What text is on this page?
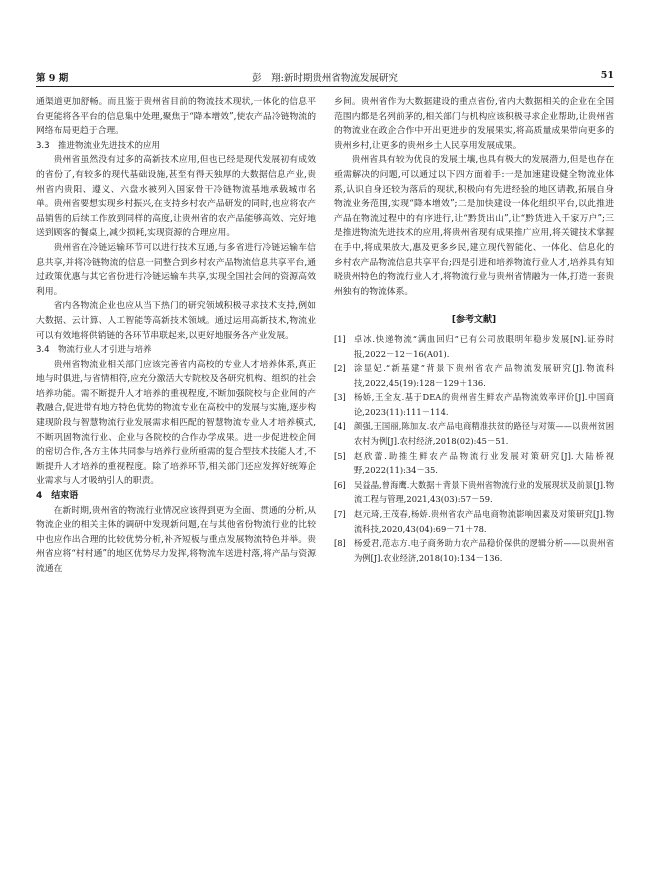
第 9 期	彭　翔:新时期贵州省物流发展研究	51
通渠道更加舒畅。而且鉴于贵州省目前的物流技术现状,一体化的信息平台更能将各平台的信息集中处理,聚焦于“降本增效”,使农产品冷链物流的网络布局更趋于合理。
3.3　推进物流业先进技术的应用
贵州省虽然没有过多的高新技术应用,但也已经是现代发展初有成效的省份了,有较多的现代基础设施,甚至有得天独厚的大数据信息产业,贵州省内贵阳、遵义、六盘水被列入国家骨干冷链物流基地承载城市名单。贵州省要想实现乡村振兴,在支持乡村农产品研发的同时,也应将农产品销售的后续工作放到同样的高度,让贵州省的农产品能够高效、完好地送到顾客的餐桌上,减少损耗,实现资源的合理应用。
贵州省在冷链运输环节可以进行技术互通,与多省进行冷链运输车信息共享,并将冷链物流的信息一同整合到乡村农产品物流信息共享平台,通过政策优惠与其它省份进行冷链运输车共享,实现全国社会间的资源高效利用。
省内各物流企业也应从当下热门的研究领域积极寻求技术支持,例如大数据、云计算、人工智能等高新技术领域。通过运用高新技术,物流业可以有效地将供销链的各环节串联起来,以更好地服务各产业发展。
3.4　物流行业人才引进与培养
贵州省物流业相关部门应该完善省内高校的专业人才培养体系,真正地与时俱进,与省情相符,应充分激活大专院校及各研究机构、组织的社会培养功能。需不断提升人才培养的重视程度,不断加强院校与企业间的产教融合,促进带有地方特色优势的物流专业在高校中的发展与实施,逐步构建现阶段与智慧物流行业发展需求相匹配的智慧物流专业人才培养模式,不断巩固物流行业、企业与各院校的合作办学成果。进一步促进校企间的密切合作,各方主体共同参与培养行业所亟需的复合型技术技能人才,不断提升人才培养的重视程度。除了培养环节,相关部门还应发挥好统筹企业需求与人才吸纳引人的职责。
4　结束语
在新时期,贵州省的物流行业情况应该得到更为全面、贯通的分析,从物流企业的相关主体的调研中发现新问题,在与其他省份物流行业的比较中也应作出合理的比较优势分析,补齐短板与重点发展物流特色并举。贵州省应将“村村通”的地区优势尽力发挥,将物流车送进村落,将产品与资源流通在
乡间。贵州省作为大数据建设的重点省份,省内大数据相关的企业在全国范围内都是名列前茅的,相关部门与机构应该积极寻求企业帮助,让贵州省的物流业在政企合作中开出更进步的发展果实,将高质量成果带向更多的贵州乡村,让更多的贵州乡土人民享用发展成果。
贵州省具有较为优良的发展土壤,也具有极大的发展潜力,但是也存在亟需解决的问题,可以通过以下四方面着手:一是加速建设健全物流业体系,认识自身还较为落后的现状,积极向有先进经验的地区请教,拓展自身物流业务范围,实现“降本增效”;二是加快建设一体化组织平台,以此推进产品在物流过程中的有序进行,让“黔货出山”,让“黔货进入千家万户”;三是推进物流先进技术的应用,将贵州省现有成果推广应用,将关键技术掌握在手中,将成果放大,惠及更多乡民,建立现代智能化、一体化、信息化的乡村农产品物流信息共享平台;四是引进和培养物流行业人才,培养具有知晓贵州特色的物流行业人才,将物流行业与贵州省情融为一体,打造一套贵州独有的物流体系。
[参考文献]
[1] 卓冰.快递物流“满血回归”已有公司放眼明年稳步发展[N].证券时报,2022－12－16(A01).
[2] 涂显妃.“新基建”背景下贵州省农产品物流发展研究[J].物流科技,2022,45(19):128－129＋136.
[3] 杨娇,王全友.基于DEA的贵州省生鲜农产品物流效率评价[J].中国商论,2023(11):111－114.
[4] 颜强,王国丽,陈加友.农产品电商精准扶贫的路径与对策——以贵州贫困农村为例[J].农村经济,2018(02):45－51.
[5] 赵欣蕾.助推生鲜农产品物流行业发展对策研究[J].大陆桥视野,2022(11):34－35.
[6] 吴益晶,曾海鹰.大数据＋背景下贵州省物流行业的发展现状及前景[J].物流工程与管理,2021,43(03):57－59.
[7] 赵元琦,王茂春,杨娇.贵州省农产品电商物流影响因素及对策研究[J].物流科技,2020,43(04):69－71＋78.
[8] 杨爱君,范志方.电子商务助力农产品稳价保供的逻辑分析——以贵州省为例[J].农业经济,2018(10):134－136.
